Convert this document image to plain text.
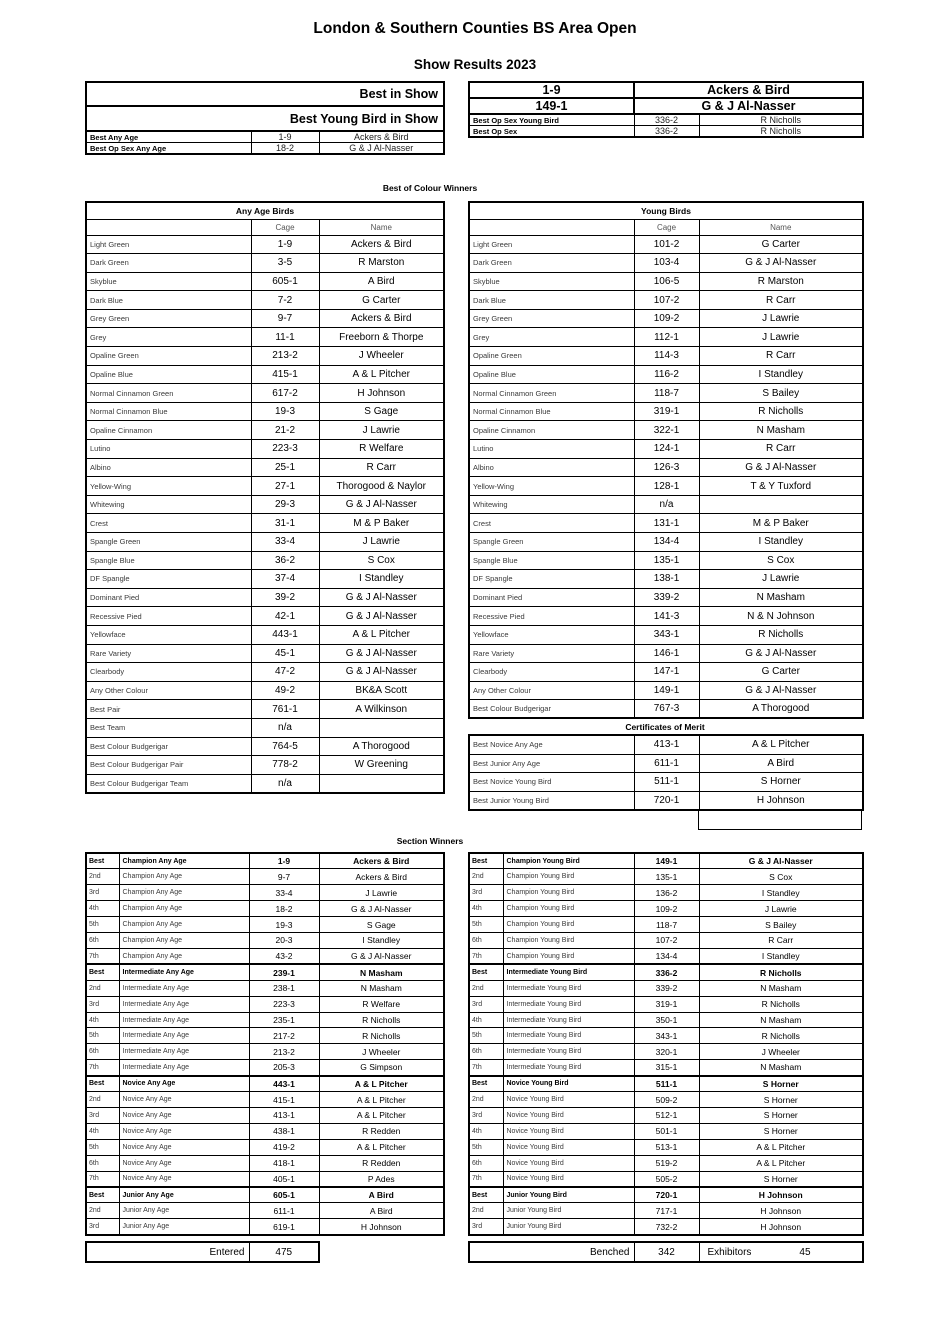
London & Southern Counties BS Area Open
Show Results 2023
Best in Show		
Best Young Bird in Show		
Best Any Age	1-9	Ackers & Bird
Best Op Sex Any Age	18-2	G & J Al-Nasser
1-9	Ackers & Bird	
149-1	G & J Al-Nasser	
Best Op Sex Young Bird	336-2	R Nicholls
Best Op Sex	336-2	R Nicholls
Best of Colour Winners
Any Age Birds		
	Cage	Name
Light Green	1-9	Ackers & Bird
Dark Green	3-5	R Marston
Skyblue	605-1	A Bird
Dark Blue	7-2	G Carter
Grey Green	9-7	Ackers & Bird
Grey	11-1	Freeborn & Thorpe
Opaline Green	213-2	J Wheeler
Opaline Blue	415-1	A & L Pitcher
Normal Cinnamon Green	617-2	H Johnson
Normal Cinnamon Blue	19-3	S Gage
Opaline Cinnamon	21-2	J Lawrie
Lutino	223-3	R Welfare
Albino	25-1	R Carr
Yellow-Wing	27-1	Thorogood & Naylor
Whitewing	29-3	G & J Al-Nasser
Crest	31-1	M & P Baker
Spangle Green	33-4	J Lawrie
Spangle Blue	36-2	S Cox
DF Spangle	37-4	I Standley
Dominant Pied	39-2	G & J Al-Nasser
Recessive Pied	42-1	G & J Al-Nasser
Yellowface	443-1	A & L Pitcher
Rare Variety	45-1	G & J Al-Nasser
Clearbody	47-2	G & J Al-Nasser
Any Other Colour	49-2	BK&A Scott
Best Pair	761-1	A Wilkinson
Best Team	n/a	
Best Colour Budgerigar	764-5	A Thorogood
Best Colour Budgerigar Pair	778-2	W Greening
Best Colour Budgerigar Team	n/a	
Young Birds		
	Cage	Name
Light Green	101-2	G Carter
Dark Green	103-4	G & J Al-Nasser
Skyblue	106-5	R Marston
Dark Blue	107-2	R Carr
Grey Green	109-2	J Lawrie
Grey	112-1	J Lawrie
Opaline Green	114-3	R Carr
Opaline Blue	116-2	I Standley
Normal Cinnamon Green	118-7	S Bailey
Normal Cinnamon Blue	319-1	R Nicholls
Opaline Cinnamon	322-1	N Masham
Lutino	124-1	R Carr
Albino	126-3	G & J Al-Nasser
Yellow-Wing	128-1	T & Y Tuxford
Whitewing	n/a	
Crest	131-1	M & P Baker
Spangle Green	134-4	I Standley
Spangle Blue	135-1	S Cox
DF Spangle	138-1	J Lawrie
Dominant Pied	339-2	N Masham
Recessive Pied	141-3	N & N Johnson
Yellowface	343-1	R Nicholls
Rare Variety	146-1	G & J Al-Nasser
Clearbody	147-1	G Carter
Any Other Colour	149-1	G & J Al-Nasser
Best Colour Budgerigar	767-3	A Thorogood
Certificates of Merit
Best Novice Any Age	413-1	A & L Pitcher
Best Junior Any Age	611-1	A Bird
Best Novice Young Bird	511-1	S Horner
Best Junior Young Bird	720-1	H Johnson
Section Winners
Best	Champion Any Age	1-9	Ackers & Bird
2nd	Champion Any Age	9-7	Ackers & Bird
3rd	Champion Any Age	33-4	J Lawrie
4th	Champion Any Age	18-2	G & J Al-Nasser
5th	Champion Any Age	19-3	S Gage
6th	Champion Any Age	20-3	I Standley
7th	Champion Any Age	43-2	G & J Al-Nasser
Best	Intermediate Any Age	239-1	N Masham
2nd	Intermediate Any Age	238-1	N Masham
3rd	Intermediate Any Age	223-3	R Welfare
4th	Intermediate Any Age	235-1	R Nicholls
5th	Intermediate Any Age	217-2	R Nicholls
6th	Intermediate Any Age	213-2	J Wheeler
7th	Intermediate Any Age	205-3	G Simpson
Best	Novice Any Age	443-1	A & L Pitcher
2nd	Novice Any Age	415-1	A & L Pitcher
3rd	Novice Any Age	413-1	A & L Pitcher
4th	Novice Any Age	438-1	R Redden
5th	Novice Any Age	419-2	A & L Pitcher
6th	Novice Any Age	418-1	R Redden
7th	Novice Any Age	405-1	P Ades
Best	Junior Any Age	605-1	A Bird
2nd	Junior Any Age	611-1	A Bird
3rd	Junior Any Age	619-1	H Johnson
Best	Champion Young Bird	149-1	G & J Al-Nasser
2nd	Champion Young Bird	135-1	S Cox
3rd	Champion Young Bird	136-2	I Standley
4th	Champion Young Bird	109-2	J Lawrie
5th	Champion Young Bird	118-7	S Bailey
6th	Champion Young Bird	107-2	R Carr
7th	Champion Young Bird	134-4	I Standley
Best	Intermediate Young Bird	336-2	R Nicholls
2nd	Intermediate Young Bird	339-2	N Masham
3rd	Intermediate Young Bird	319-1	R Nicholls
4th	Intermediate Young Bird	350-1	N Masham
5th	Intermediate Young Bird	343-1	R Nicholls
6th	Intermediate Young Bird	320-1	J Wheeler
7th	Intermediate Young Bird	315-1	N Masham
Best	Novice Young Bird	511-1	S Horner
2nd	Novice Young Bird	509-2	S Horner
3rd	Novice Young Bird	512-1	S Horner
4th	Novice Young Bird	501-1	S Horner
5th	Novice Young Bird	513-1	A & L Pitcher
6th	Novice Young Bird	519-2	A & L Pitcher
7th	Novice Young Bird	505-2	S Horner
Best	Junior Young Bird	720-1	H Johnson
2nd	Junior Young Bird	717-1	H Johnson
3rd	Junior Young Bird	732-2	H Johnson
Entered	475	Benched	342	Exhibitors	45
